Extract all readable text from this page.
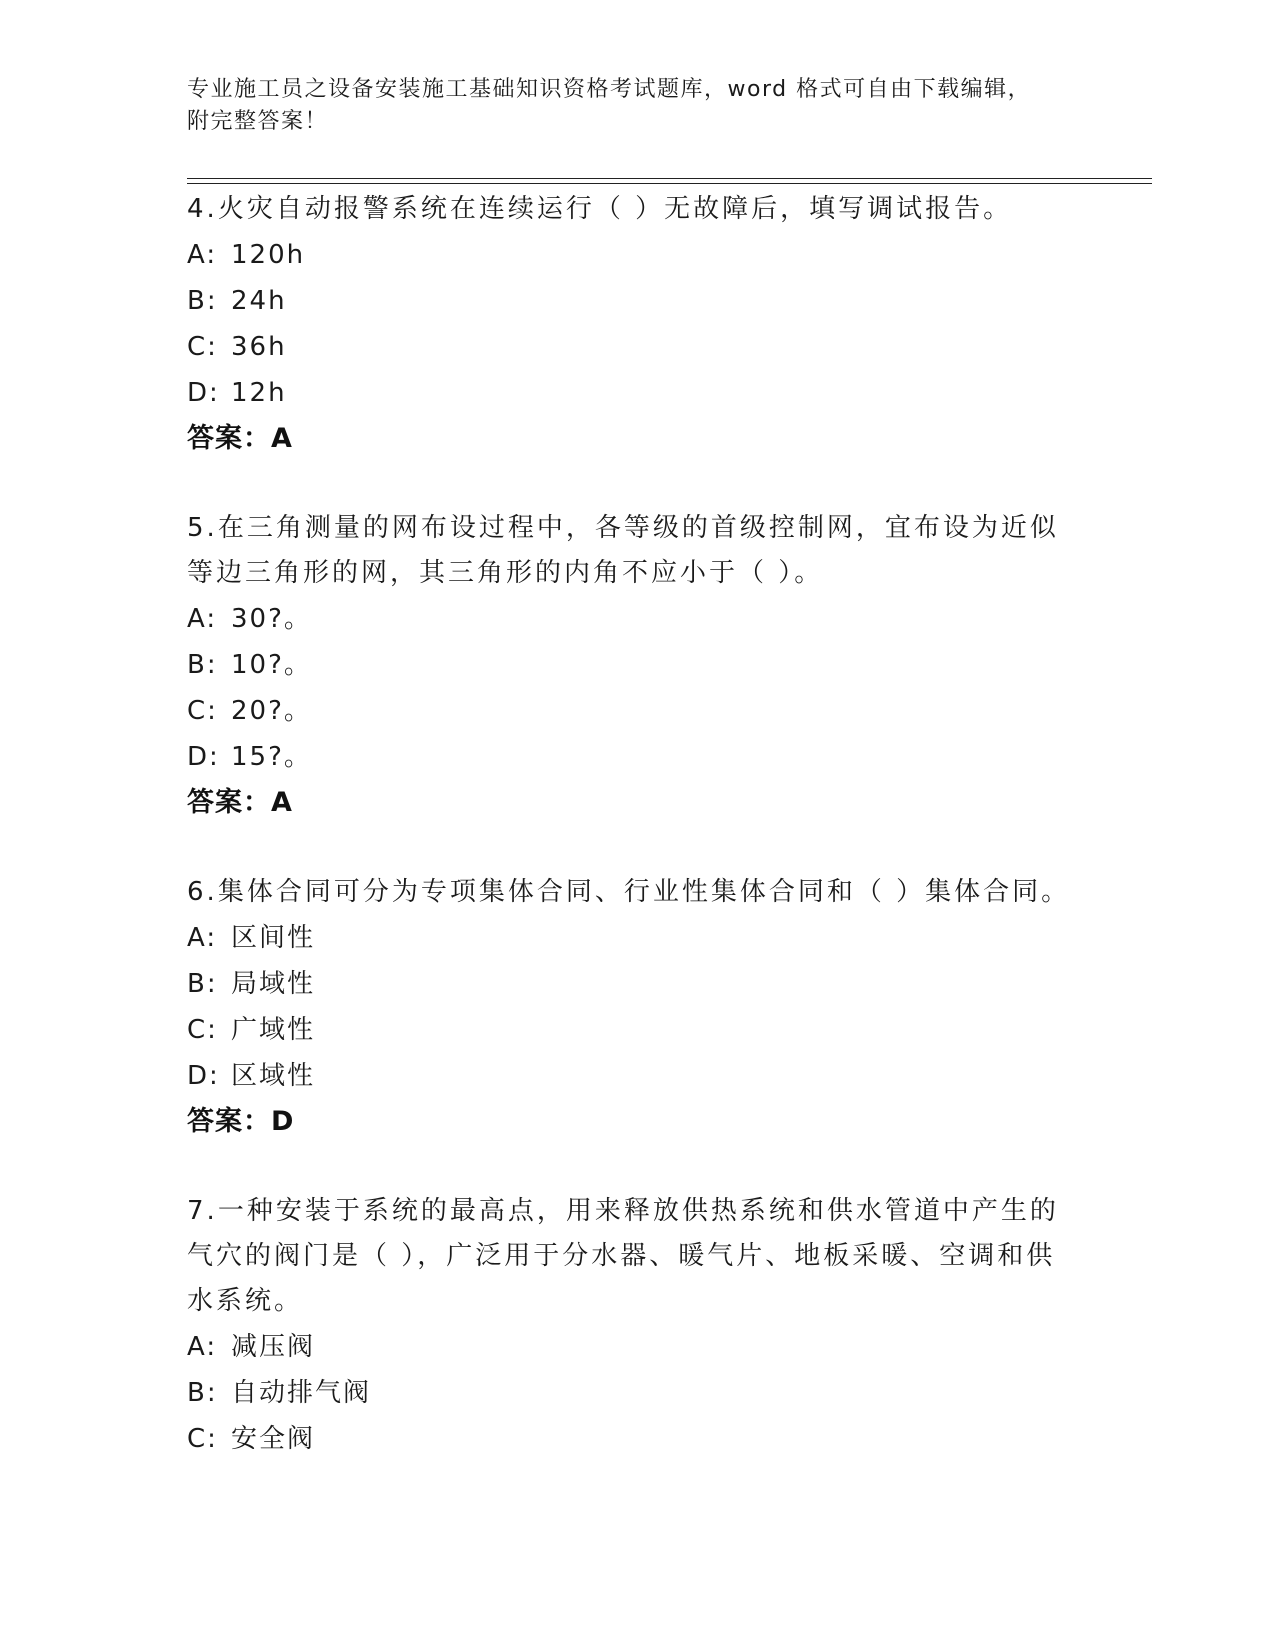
专业施工员之设备安装施工基础知识资格考试题库，word 格式可自由下载编辑，
附完整答案！

4.火灾自动报警系统在连续运行（ ）无故障后，填写调试报告。

A: 120h

B: 24h

C: 36h

D: 12h

答案：A

5.在三角测量的网布设过程中，各等级的首级控制网，宜布设为近似

等边三角形的网，其三角形的内角不应小于（ ）。

A: 30?。

B: 10?。

C: 20?。

D: 15?。

答案：A

6.集体合同可分为专项集体合同、行业性集体合同和（ ）集体合同。

A: 区间性

B: 局域性

C: 广域性

D: 区域性

答案：D

7.一种安装于系统的最高点，用来释放供热系统和供水管道中产生的

气穴的阀门是（ ），广泛用于分水器、暖气片、地板采暖、空调和供

水系统。

A: 减压阀

B: 自动排气阀

C: 安全阀
